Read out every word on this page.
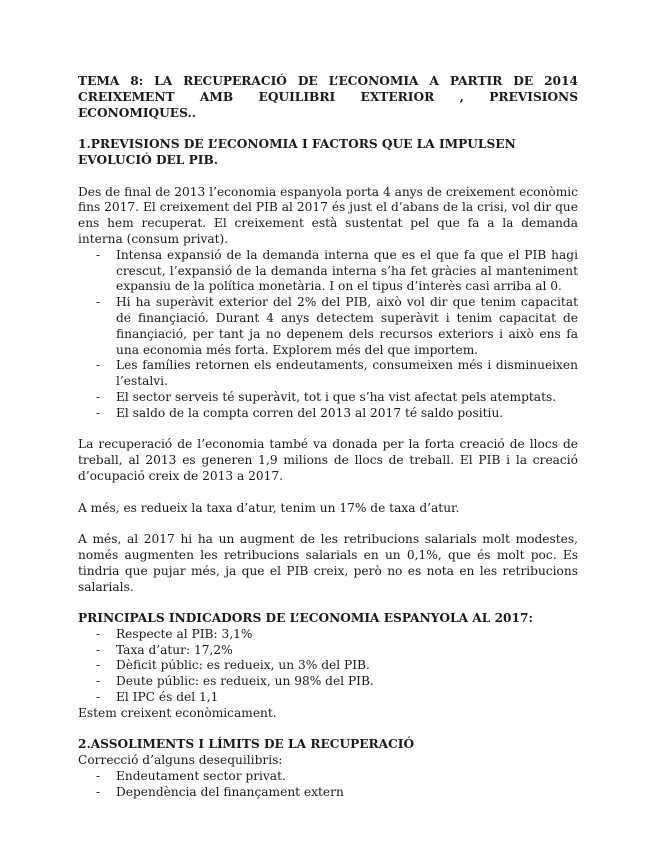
TEMA 8: LA RECUPERACIÓ DE L’ECONOMIA A PARTIR DE 2014
CREIXEMENT AMB EQUILIBRI EXTERIOR , PREVISIONS ECONOMIQUES..
1.PREVISIONS DE L’ECONOMIA I FACTORS QUE LA IMPULSEN EVOLUCIÓ DEL PIB.

Des de final de 2013 l’economia espanyola porta 4 anys de creixement econòmic fins 2017. El creixement del PIB al 2017 és just el d’abans de la crisi, vol dir que ens hem recuperat. El creixement està sustentat pel que fa a la demanda interna (consum privat).

- Intensa expansió de la demanda interna que es el que fa que el PIB hagi crescut, l’expansió de la demanda interna s’ha fet gràcies al manteniment expansiu de la política monetària. I on el tipus d’interès casi arriba al 0.
- Hi ha superàvit exterior del 2% del PIB, això vol dir que tenim capacitat de finançiació. Durant 4 anys detectem superàvit i tenim capacitat de finançiació, per tant ja no depenem dels recursos exteriors i això ens fa una economia més forta. Explorem més del que importem.
- Les famílies retornen els endeutaments, consumeixen més i disminueixen l’estalvi.
- El sector serveis té superàvit, tot i que s’ha vist afectat pels atemptats.
- El saldo de la compta corren del 2013 al 2017 té saldo positiu.

La recuperació de l’economia també va donada per la forta creació de llocs de treball, al 2013 es generen 1,9 milions de llocs de treball. El PIB i la creació d’ocupació creix de 2013 a 2017.

A més, es redueix la taxa d’atur, tenim un 17% de taxa d’atur.

A més, al 2017 hi ha un augment de les retribucions salarials molt modestes, només augmenten les retribucions salarials en un 0,1%, que és molt poc. Es tindria que pujar més, ja que el PIB creix, però no es nota en les retribucions salarials.

PRINCIPALS INDICADORS DE L’ECONOMIA ESPANYOLA AL 2017:
- Respecte al PIB: 3,1%
- Taxa d’atur: 17,2%
- Dèficit públic: es redueix, un 3% del PIB.
- Deute públic: es redueix, un 98% del PIB.
- El IPC és del 1,1

Estem creixent econòmicament.

2.ASSOLIMENTS I LÍMITS DE LA RECUPERACIÓ

Correcció d’alguns desequilibris:

- Endeutament sector privat.
- Dependència del finançament extern
